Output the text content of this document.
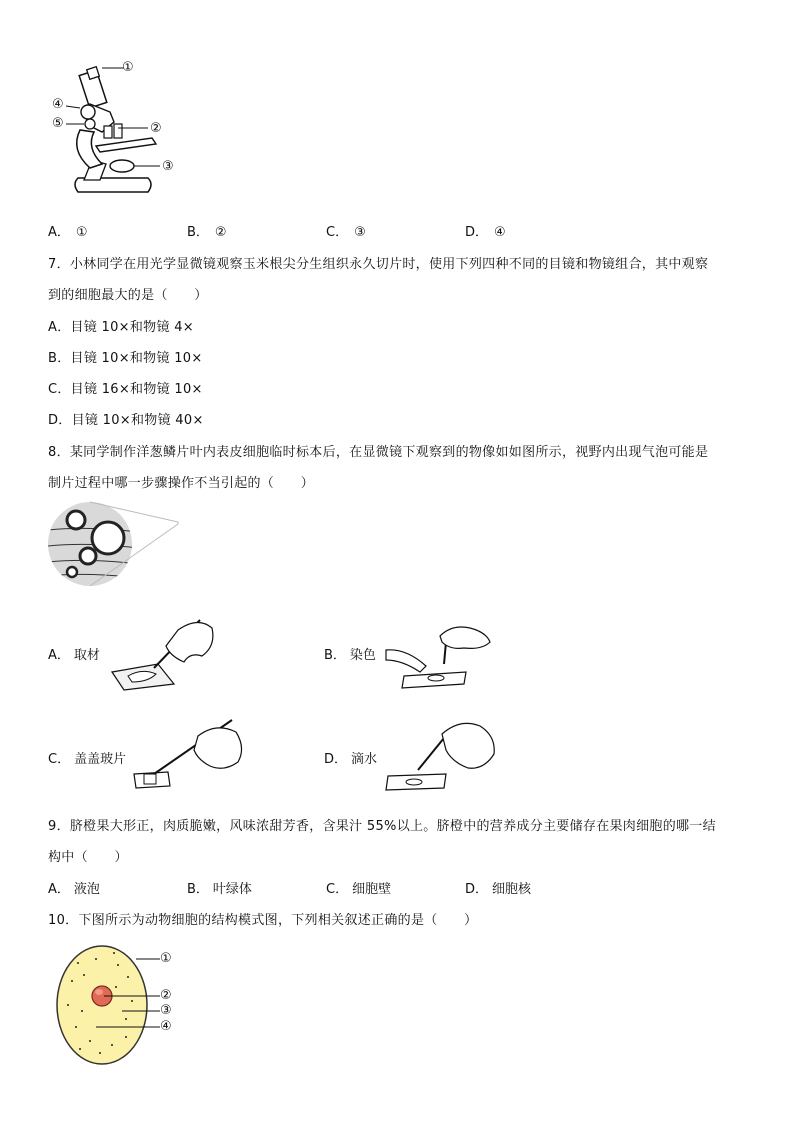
①
②
③
④
⑤
A． ①	B． ②	C． ③	D． ④
7．小林同学在用光学显微镜观察玉米根尖分生组织永久切片时，使用下列四种不同的目镜和物镜组合，其中观察
到的细胞最大的是（　　）
A．目镜 10×和物镜 4×
B．目镜 10×和物镜 10×
C．目镜 16×和物镜 10×
D．目镜 10×和物镜 40×
8．某同学制作洋葱鳞片叶内表皮细胞临时标本后，在显微镜下观察到的物像如如图所示，视野内出现气泡可能是
制片过程中哪一步骤操作不当引起的（　　）
A． 取材	B． 染色
C． 盖盖玻片	D． 滴水
9．脐橙果大形正，肉质脆嫩，风味浓甜芳香，含果汁 55%以上。脐橙中的营养成分主要储存在果肉细胞的哪一结
构中（　　）
A． 液泡	B． 叶绿体	C． 细胞壁	D． 细胞核
10．下图所示为动物细胞的结构模式图，下列相关叙述正确的是（　　）
①
②
③
④
